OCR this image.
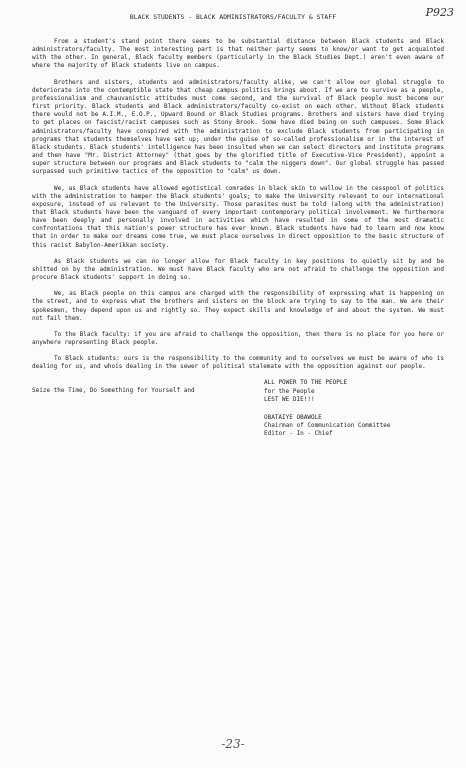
P923
BLACK STUDENTS - BLACK ADMINISTRATORS/FACULTY & STAFF

From a student's stand point there seems to be substantial distance between Black students and Black administrators/faculty. The most interesting part is that neither party seems to know/or want to get acquainted with the other. In general, Black faculty members (particularly in the Black Studies Dept.) aren't even aware of where the majority of Black students live on campus.

Brothers and sisters, students and administrators/faculty alike, we can't allow our global struggle to deteriorate into the contemptible state that cheap campus politics brings about. If we are to survive as a people, professionalism and chauvanistic attitudes must come second, and the survival of Black people must become our first priority. Black students and Black administrators/faculty co-exist on each other. Without Black students there would not be A.I.M., E.O.P., Upward Bound or Black Studies programs. Brothers and sisters have died trying to get places on fascist/racist campuses such as Stony Brook. Some have died being on such campuses. Some Black administrators/faculty have conspired with the administration to exclude Black students from participating in programs that students themselves have set up; under the guise of so-called professionalism or in the interest of Black students. Black students' intelligence has been insulted when we can select directors and institute programs and then have "Mr. District Attorney" (that goes by the glorified title of Executive-Vice President), appoint a super structure between our programs and Black students to "calm the niggers down". Our global struggle has passed surpassed such primitive tactics of the opposition to "calm" us down.

We, as Black students have allowed egotistical comrades in black skin to wallow in the cesspool of politics with the administration to hamper the Black students' goals; to make the University relevant to our international exposure, instead of us relevant to the University. Those parasites must be told (along with the administration) that Black students have been the vanguard of every important contemporary political involvement. We furthermore have been deeply and personally involved in activities which have resulted in some of the most dramatic confrontations that this nation's power structure has ever known. Black students have had to learn and now know that in order to make our dreams come true, we must place ourselves in direct opposition to the basic structure of this racist Babylon-Amerikkan society.

As Black students we can no longer allow for Black faculty in key positions to quietly sit by and be shitted on by the administration. We must have Black faculty who are not afraid to challenge the opposition and procure Black students' support in doing so.

We, as Black people on this campus are charged with the responsibility of expressing what is happening on the street, and to express what the brothers and sisters on the block are trying to say to the man. We are their spokesmen, they depend upon us and rightly so. They expect skills and knowledge of and about the system. We must not fail them.

To the Black faculty: if you are afraid to challenge the opposition, then there is no place for you here or anywhere representing Black people.

To Black students: ours is the responsibility to the community and to ourselves we must be aware of who is dealing for us, and whois dealing in the sewer of political stalemate with the opposition against our people.

Seize the Time, Do Something for Yourself and
ALL POWER TO THE PEOPLE
for the People
LEST WE DIE!!!
OBATAIYE OBAWOLE
Chairman of Communication Committee
Editor - In - Chief
-23-
